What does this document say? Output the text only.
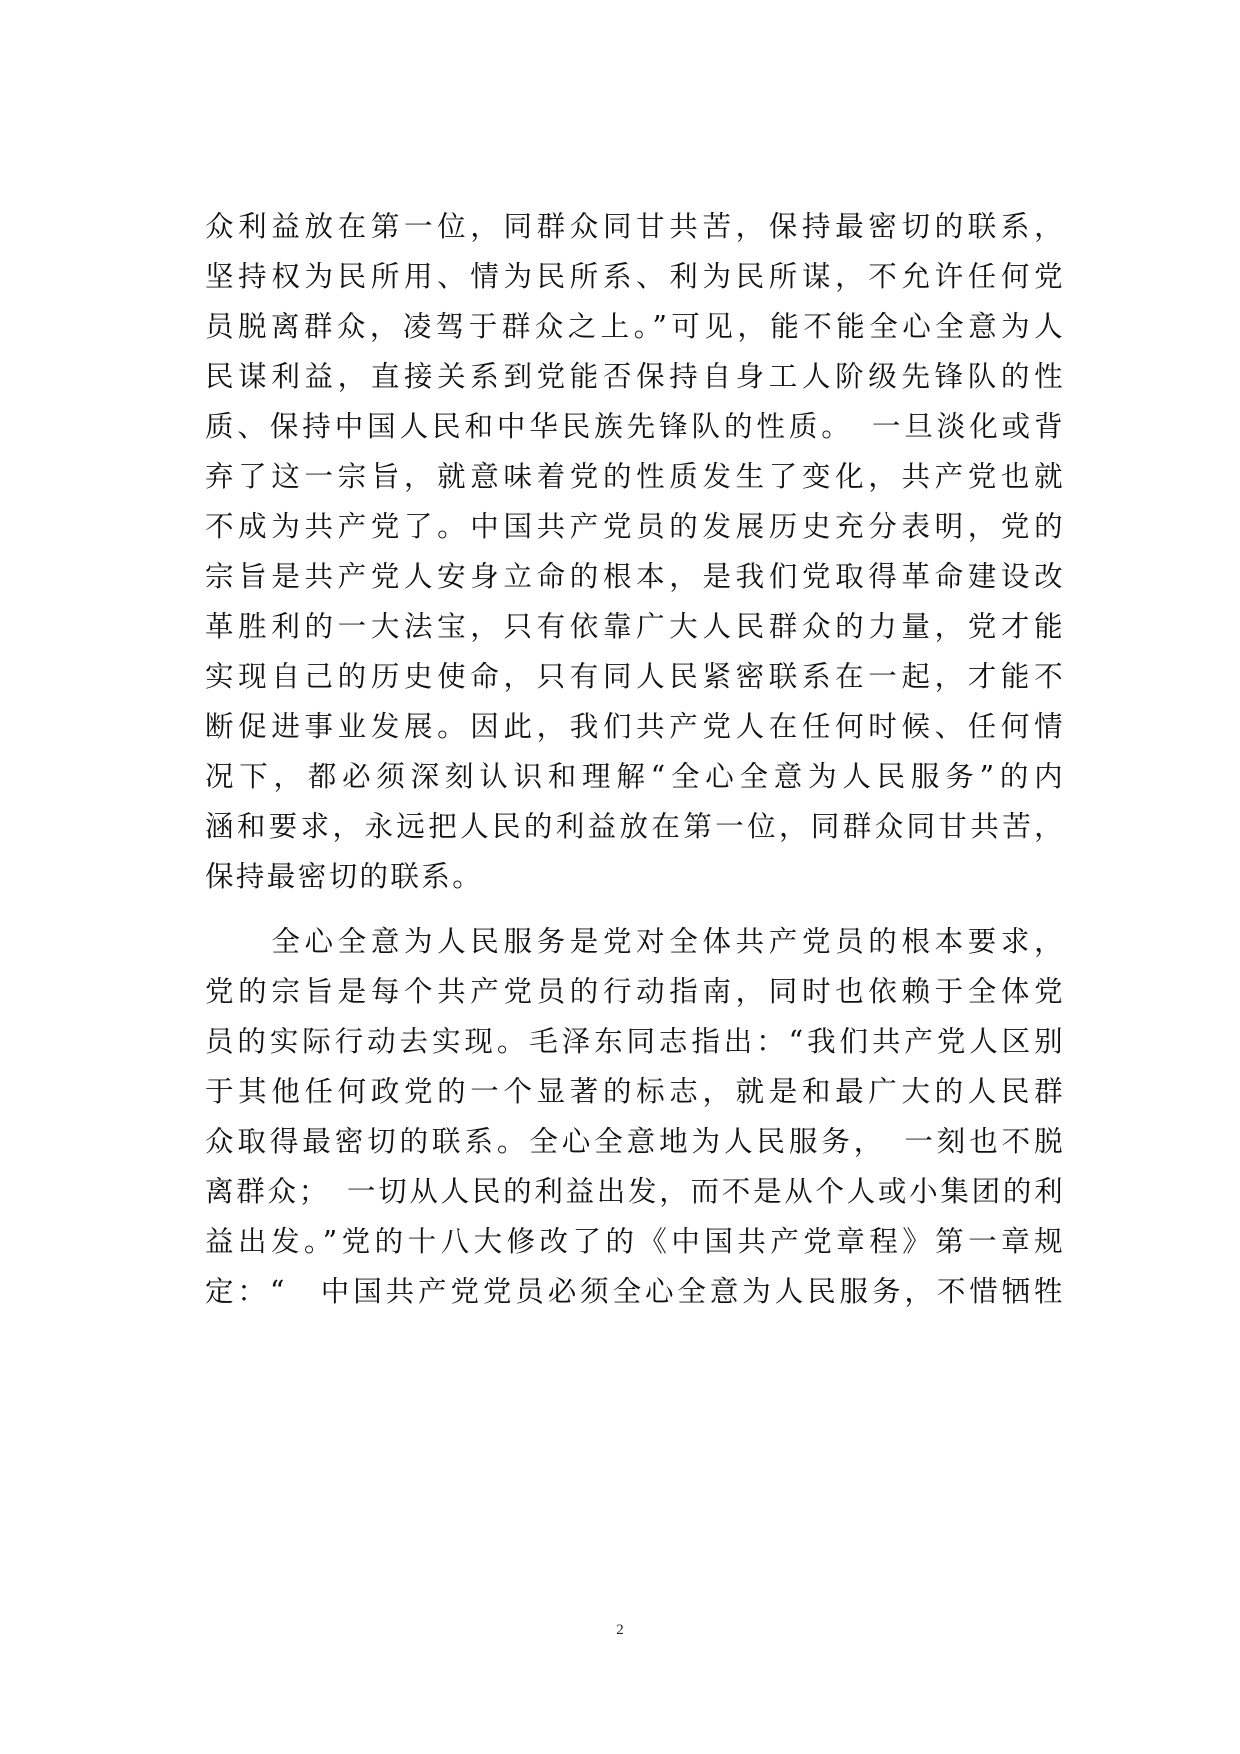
众利益放在第一位，同群众同甘共苦，保持最密切的联系，
坚持权为民所用、情为民所系、利为民所谋，不允许任何党
员脱离群众，凌驾于群众之上。”可见，能不能全心全意为人
民谋利益，直接关系到党能否保持自身工人阶级先锋队的性
质、保持中国人民和中华民族先锋队的性质。　一旦淡化或背
弃了这一宗旨，就意味着党的性质发生了变化，共产党也就
不成为共产党了。中国共产党员的发展历史充分表明，党的
宗旨是共产党人安身立命的根本，是我们党取得革命建设改
革胜利的一大法宝，只有依靠广大人民群众的力量，党才能
实现自己的历史使命，只有同人民紧密联系在一起，才能不
断促进事业发展。因此，我们共产党人在任何时候、任何情
况下，都必须深刻认识和理解“全心全意为人民服务”的内
涵和要求，永远把人民的利益放在第一位，同群众同甘共苦，
保持最密切的联系。
　　全心全意为人民服务是党对全体共产党员的根本要求，
党的宗旨是每个共产党员的行动指南，同时也依赖于全体党
员的实际行动去实现。毛泽东同志指出：“我们共产党人区别
于其他任何政党的一个显著的标志，就是和最广大的人民群
众取得最密切的联系。全心全意地为人民服务，　一刻也不脱
离群众；　一切从人民的利益出发，而不是从个人或小集团的利
益出发。”党的十八大修改了的《中国共产党章程》第一章规
定：“　中国共产党党员必须全心全意为人民服务，不惜牺牲
2
